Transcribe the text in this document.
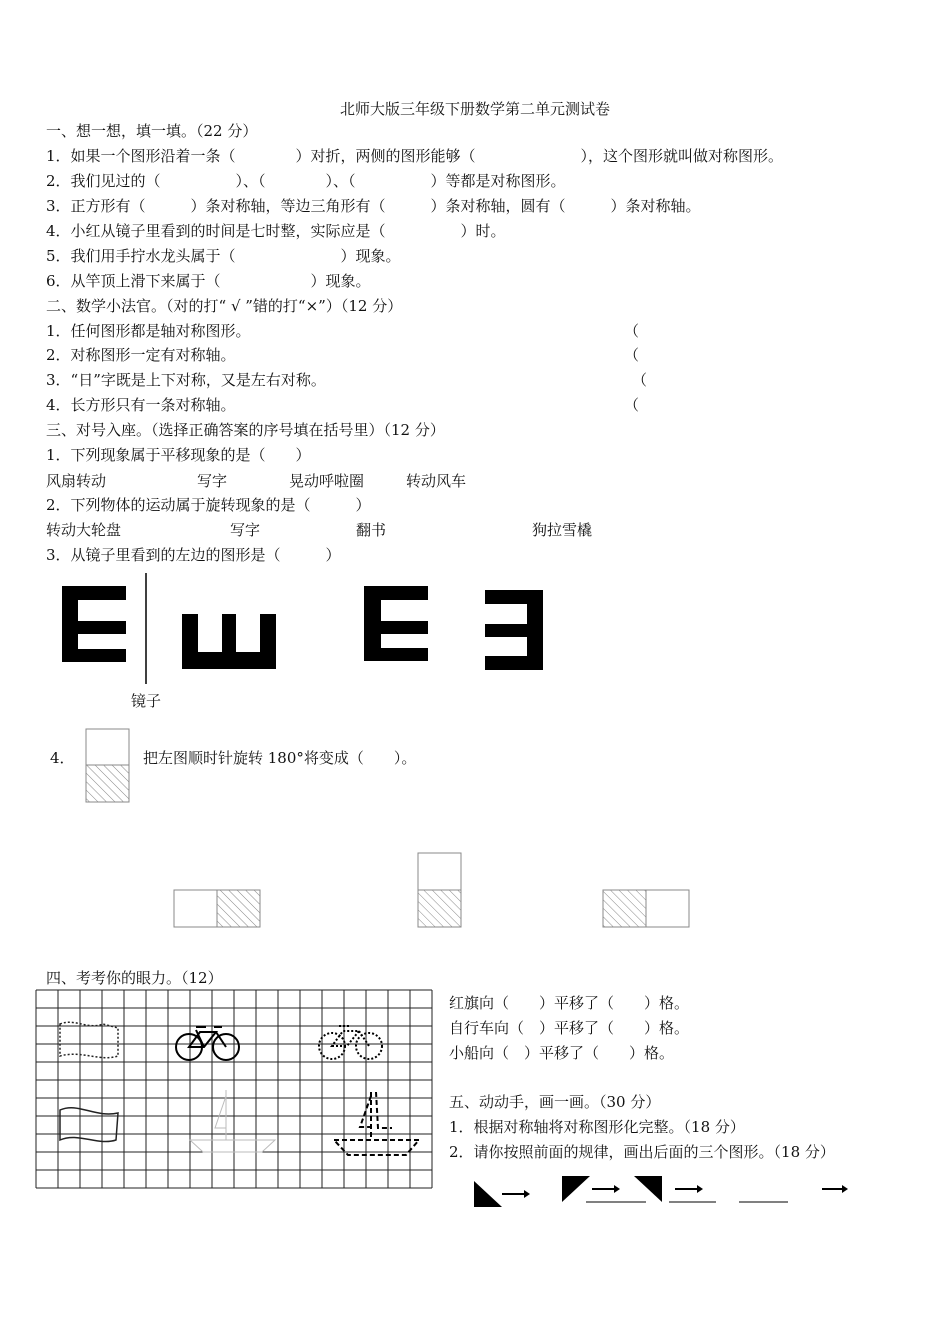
北师大版三年级下册数学第二单元测试卷
一、想一想，填一填。（22 分）
1．如果一个图形沿着一条（　　　　）对折，两侧的图形能够（　　　　　　　），这个图形就叫做对称图形。
2．我们见过的（　　　　　）、（　　　　）、（　　　　　）等都是对称图形。
3．正方形有（　　　）条对称轴，等边三角形有（　　　）条对称轴，圆有（　　　）条对称轴。
4．小红从镜子里看到的时间是七时整，实际应是（　　　　　）时。
5．我们用手拧水龙头属于（　　　　　　　）现象。
6．从竿顶上滑下来属于（　　　　　　）现象。
二、数学小法官。（对的打“ √ ”错的打“×”）（12 分）
1．任何图形都是轴对称图形。	（
2．对称图形一定有对称轴。	（
3．“日”字既是上下对称，又是左右对称。	（
4．长方形只有一条对称轴。	（
三、对号入座。（选择正确答案的序号填在括号里）（12 分）
1．下列现象属于平移现象的是（　　）
风扇转动	写字	晃动呼啦圈	转动风车
2．下列物体的运动属于旋转现象的是（　　　）
转动大轮盘	写字	翻书	狗拉雪橇
3．从镜子里看到的左边的图形是（　　　）
镜子
4．	把左图顺时针旋转 180°将变成（　　）。
四、考考你的眼力。（12）
红旗向（　　）平移了（　　）格。
自行车向（　）平移了（　　）格。
小船向（　）平移了（　　）格。
五、动动手，画一画。（30 分）
1．根据对称轴将对称图形化完整。（18 分）
2．请你按照前面的规律，画出后面的三个图形。（18 分）
